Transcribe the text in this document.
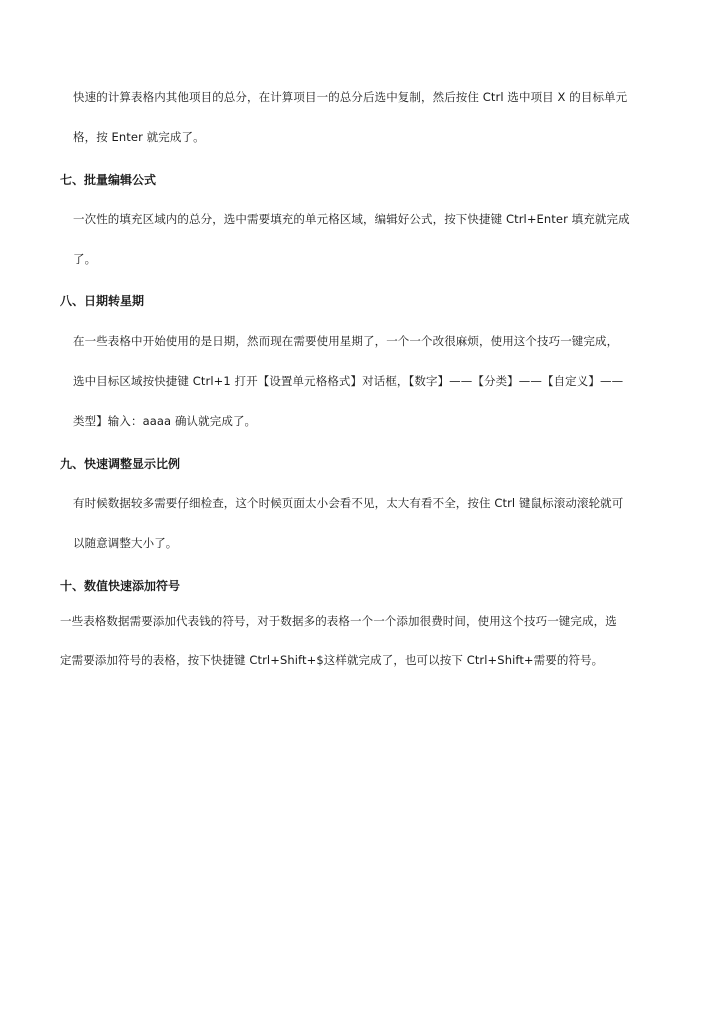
快速的计算表格内其他项目的总分，在计算项目一的总分后选中复制，然后按住 Ctrl 选中项目 X 的目标单元
格，按 Enter 就完成了。
七、批量编辑公式
一次性的填充区域内的总分，选中需要填充的单元格区域，编辑好公式，按下快捷键 Ctrl+Enter 填充就完成
了。
八、日期转星期
在一些表格中开始使用的是日期，然而现在需要使用星期了，一个一个改很麻烦，使用这个技巧一键完成，
选中目标区域按快捷键 Ctrl+1 打开【设置单元格格式】对话框，【数字】——【分类】——【自定义】——
类型】输入：aaaa 确认就完成了。
九、快速调整显示比例
有时候数据较多需要仔细检查，这个时候页面太小会看不见，太大有看不全，按住 Ctrl 键鼠标滚动滚轮就可
以随意调整大小了。
十、数值快速添加符号
一些表格数据需要添加代表钱的符号，对于数据多的表格一个一个添加很费时间，使用这个技巧一键完成，选
定需要添加符号的表格，按下快捷键 Ctrl+Shift+$这样就完成了，也可以按下 Ctrl+Shift+需要的符号。
